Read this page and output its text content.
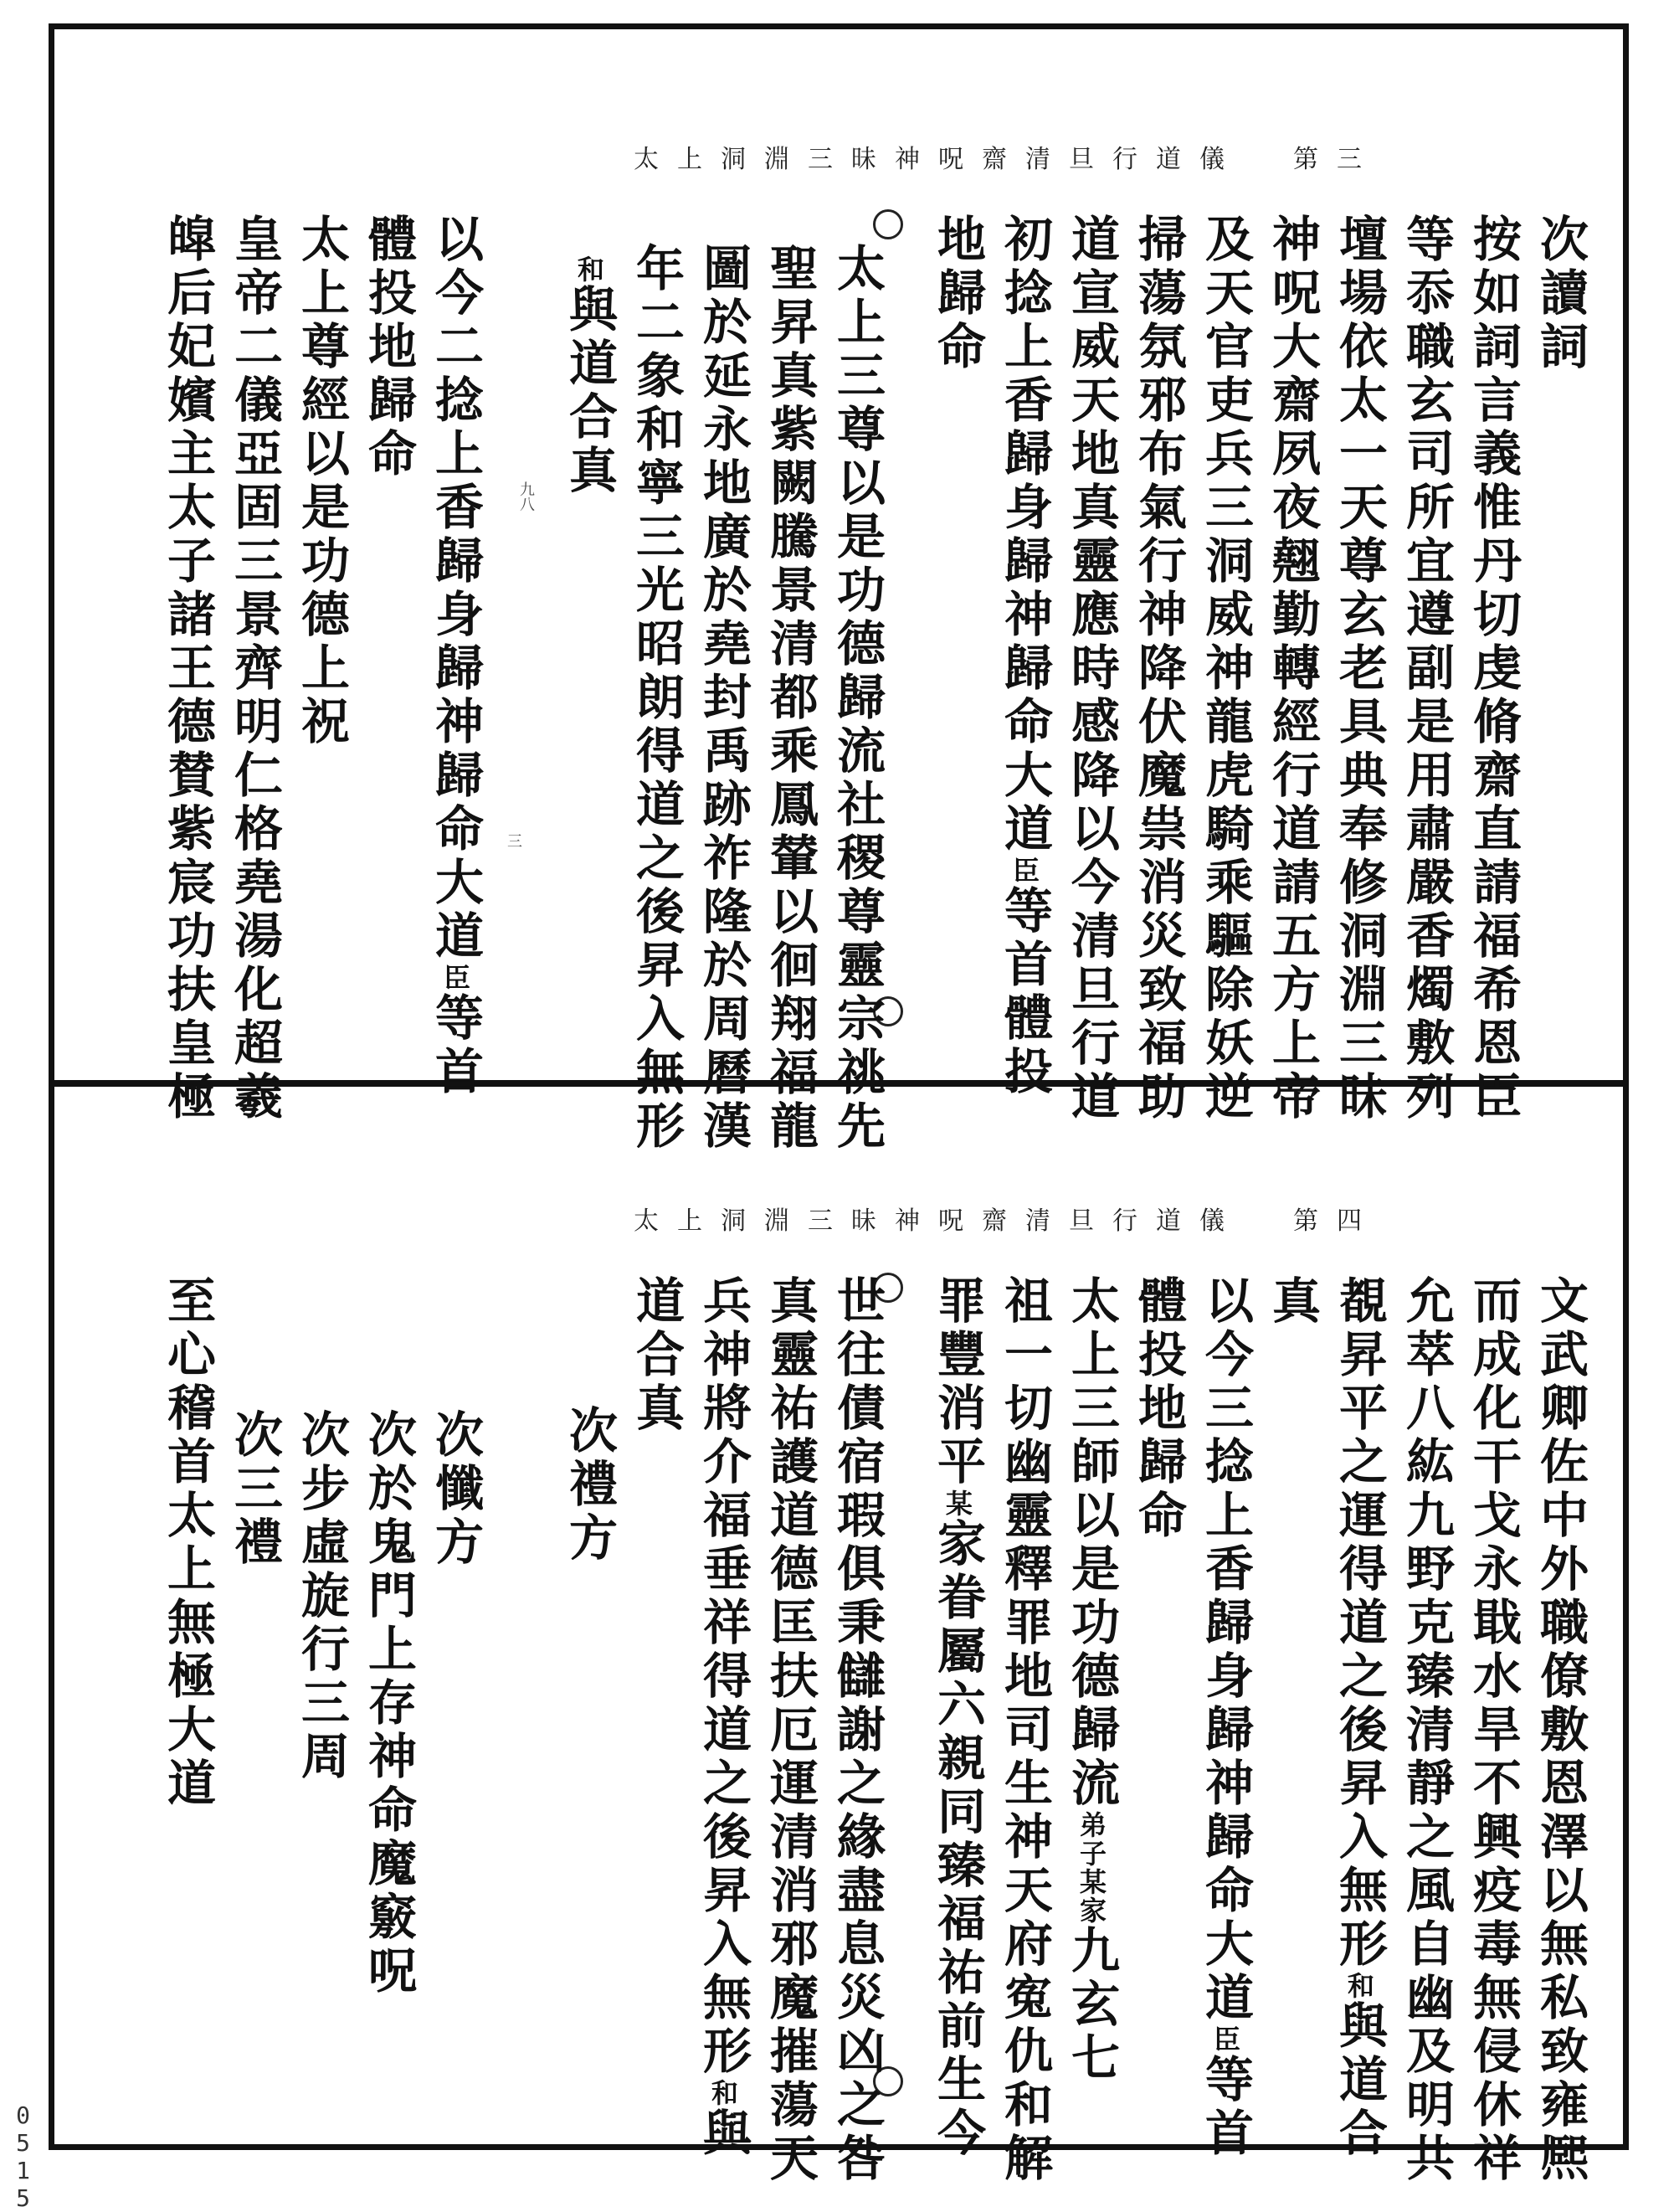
0515
太上洞淵三昧神呪齋清旦行道儀 第三
次讀詞
按如詞言義惟丹切虔脩齋直請福希恩臣
等忝職玄司所宜遵副是用肅嚴香燭敷列
壇場依太一天尊玄老具典奉修洞淵三昧
神呪大齋夙夜翹勤轉經行道請五方上帝
及天官吏兵三洞威神龍虎騎乘驅除妖逆
掃蕩氛邪布氣行神降伏魔祟消災致福助
道宣威天地真靈應時感降以今清旦行道
初捻上香歸身歸神歸命大道臣等首體投
地歸命
太上三尊以是功德歸流社稷尊靈宗祧先
聖昇真紫闕騰景清都乘鳳輦以徊翔福龍
圖於延永地廣於堯封禹跡祚隆於周曆漢
年二象和寧三光昭朗得道之後昇入無形
和與道合真
以今二捻上香歸身歸神歸命大道臣等首
體投地歸命
太上尊經以是功德上祝
皇帝二儀亞固三景齊明仁格堯湯化超羲
皡后妃嬪主太子諸王德賛紫宸功扶皇極	九八
三
太上洞淵三昧神呪齋清旦行道儀 第四
文武卿佐中外職僚敷恩澤以無私致雍熈
而成化干戈永戢水旱不興疫毒無侵休祥
允萃八紘九野克臻清靜之風自幽及明共
覩昇平之運得道之後昇入無形和與道合
真
以今三捻上香歸身歸神歸命大道臣等首
體投地歸命
太上三師以是功德歸流弟子某家九玄七
祖一切幽靈釋罪地司生神天府寃仇和解
罪豐消平某家眷屬六親同臻福祐前生今
世往債宿瑕俱秉讎謝之緣盡息災凶之咎
真靈祐護道德匡扶厄運清消邪魔摧蕩天
兵神將介福垂祥得道之後昇入無形和與
道合真
次禮方
次懺方
次於鬼門上存神命魔竅呪
次步虛旋行三周
次三禮
至心稽首太上無極大道
